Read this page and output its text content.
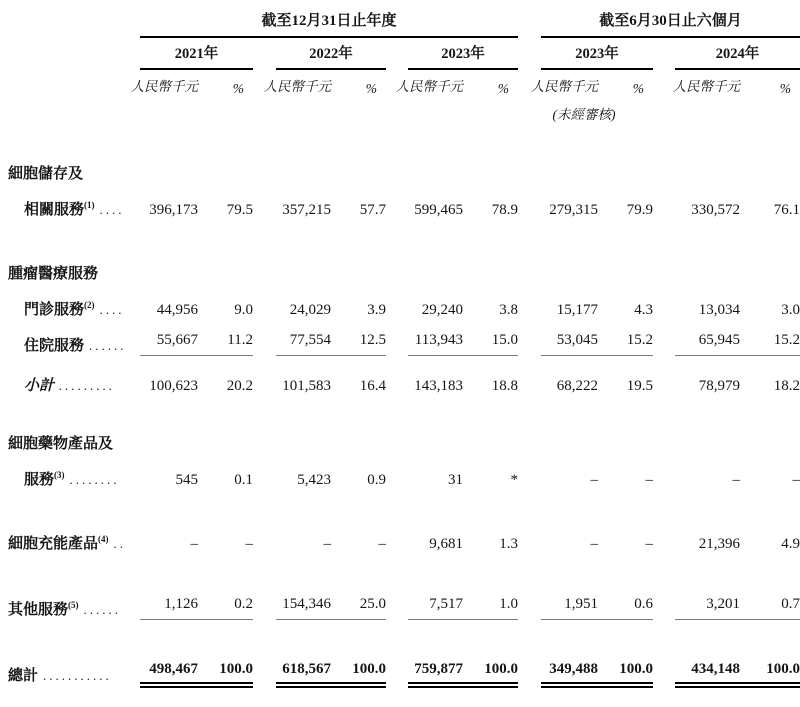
	截至12月31日止年度									截至6月30日止六個月				
	2021年			2022年			2023年			2023年			2024年	

	人民幣千元	%		人民幣千元	%		人民幣千元	%		人民幣千元	%		人民幣千元	%
										(未經審核)				

細胞儲存及														
相關服務$^{(1)}$ ....	396,173	79.5		357,215	57.7		599,465	78.9		279,315	79.9		330,572	76.1

腫瘤醫療服務														
門診服務$^{(2)}$ ....	44,956	9.0		24,029	3.9		29,240	3.8		15,177	4.3		13,034	3.0
住院服務 ......	55,667	11.2		77,554	12.5		113,943	15.0		53,045	15.2		65,945	15.2
小計 .........	100,623	20.2		101,583	16.4		143,183	18.8		68,222	19.5		78,979	18.2

細胞藥物產品及														
服務$^{(3)}$ ........	545	0.1		5,423	0.9		31	*		–	–		–	–

細胞充能產品$^{(4)}$ ..	–	–		–	–		9,681	1.3		–	–		21,396	4.9

其他服務$^{(5)}$ ......	1,126	0.2		154,346	25.0		7,517	1.0		1,951	0.6		3,201	0.7

總計 ...........	498,467	100.0		618,567	100.0		759,877	100.0		349,488	100.0		434,148	100.0
